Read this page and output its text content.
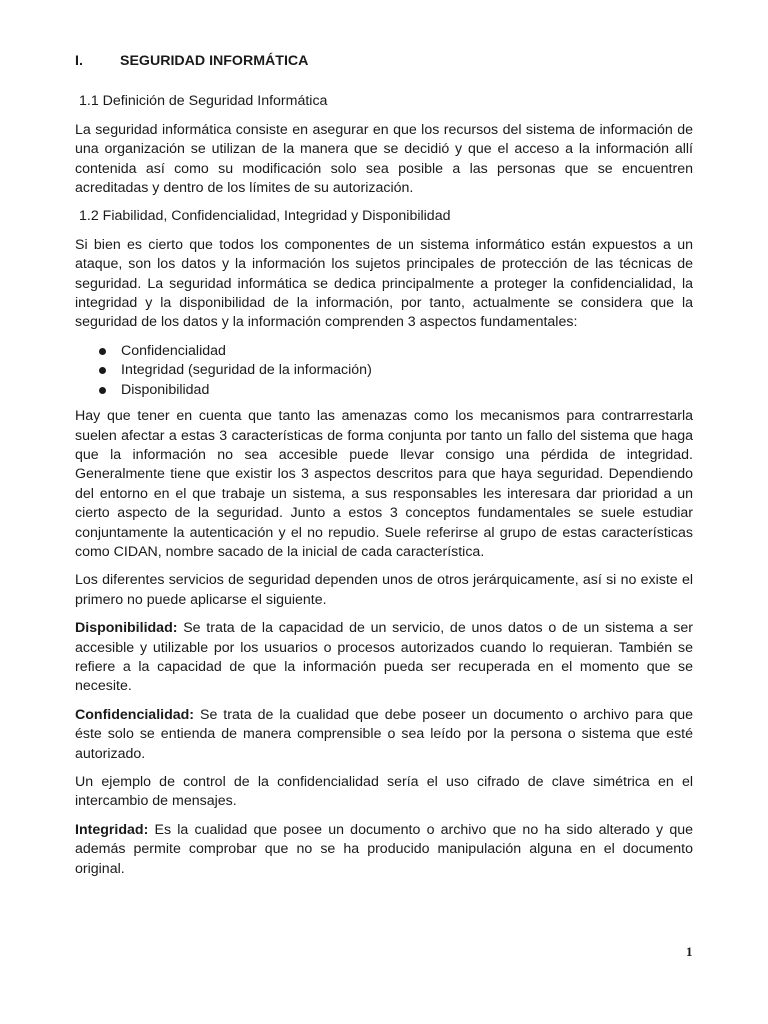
I.	SEGURIDAD INFORMÁTICA
1.1 Definición de Seguridad Informática

La seguridad informática consiste en asegurar en que los recursos del sistema de información de una organización se utilizan de la manera que se decidió y que el acceso a la información allí contenida así como su modificación solo sea posible a las personas que se encuentren acreditadas y dentro de los límites de su autorización.

1.2 Fiabilidad, Confidencialidad, Integridad y Disponibilidad

Si bien es cierto que todos los componentes de un sistema informático están expuestos a un ataque, son los datos y la información los sujetos principales de protección de las técnicas de seguridad. La seguridad informática se dedica principalmente a proteger la confidencialidad, la integridad y la disponibilidad de la información, por tanto, actualmente se considera que la seguridad de los datos y la información comprenden 3 aspectos fundamentales:

Confidencialidad
Integridad (seguridad de la información)
Disponibilidad

Hay que tener en cuenta que tanto las amenazas como los mecanismos para contrarrestarla suelen afectar a estas 3 características de forma conjunta por tanto un fallo del sistema que haga que la información no sea accesible puede llevar consigo una pérdida de integridad. Generalmente tiene que existir los 3 aspectos descritos para que haya seguridad. Dependiendo del entorno en el que trabaje un sistema, a sus responsables les interesara dar prioridad a un cierto aspecto de la seguridad. Junto a estos 3 conceptos fundamentales se suele estudiar conjuntamente la autenticación y el no repudio. Suele referirse al grupo de estas características como CIDAN, nombre sacado de la inicial de cada característica.

Los diferentes servicios de seguridad dependen unos de otros jerárquicamente, así si no existe el primero no puede aplicarse el siguiente.

Disponibilidad: Se trata de la capacidad de un servicio, de unos datos o de un sistema a ser accesible y utilizable por los usuarios o procesos autorizados cuando lo requieran. También se refiere a la capacidad de que la información pueda ser recuperada en el momento que se necesite.

Confidencialidad: Se trata de la cualidad que debe poseer un documento o archivo para que éste solo se entienda de manera comprensible o sea leído por la persona o sistema que esté autorizado.

Un ejemplo de control de la confidencialidad sería el uso cifrado de clave simétrica en el intercambio de mensajes.

Integridad: Es la cualidad que posee un documento o archivo que no ha sido alterado y que además permite comprobar que no se ha producido manipulación alguna en el documento original.

1
